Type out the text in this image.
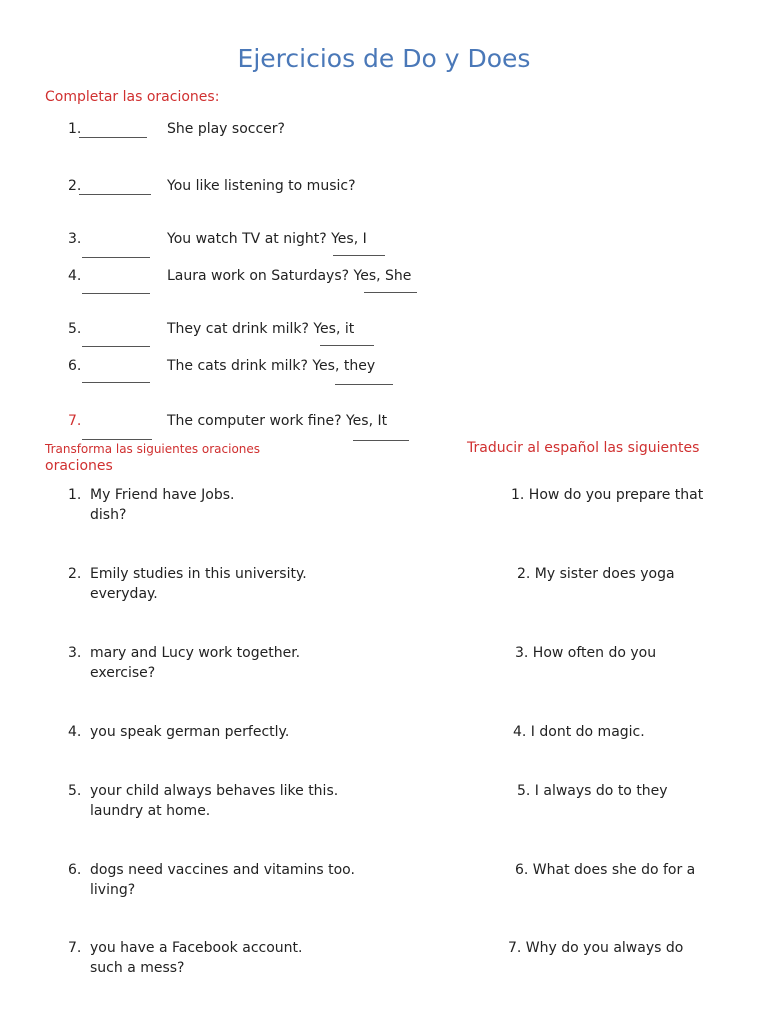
Ejercicios de Do y Does
Completar las oraciones:
1.	She play soccer?
2.	You like listening to music?
3.	You watch TV at night? Yes, I
4.	Laura work on Saturdays? Yes, She
5.	They cat drink milk? Yes, it
6.	The cats drink milk? Yes, they
7.	The computer work fine? Yes, It
Transforma las siguientes oraciones
oraciones
Traducir al español las siguientes
1. My Friend have Jobs.
dish?
2. Emily studies in this university.
everyday.
3. mary and Lucy work together.
exercise?
4. you speak german perfectly.
5. your child always behaves like this.
laundry at home.
6. dogs need vaccines and vitamins too.
living?
7. you have a Facebook account.
such a mess?
1. How do you prepare that
2. My sister does yoga
3. How often do you
4. I dont do magic.
5. I always do to they
6. What does she do for a
7. Why do you always do
